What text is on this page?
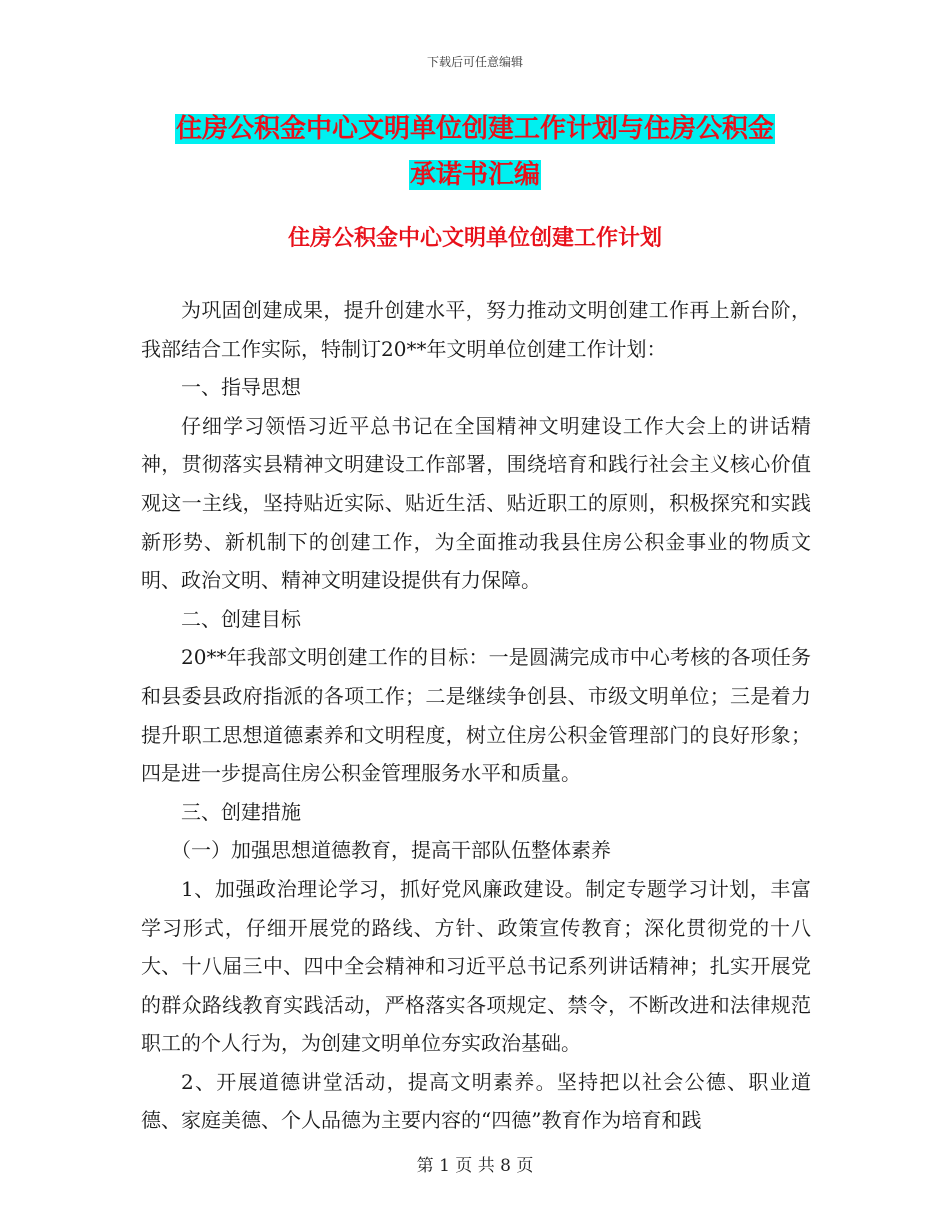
下载后可任意编辑
住房公积金中心文明单位创建工作计划与住房公积金
承诺书汇编
住房公积金中心文明单位创建工作计划

为巩固创建成果，提升创建水平，努力推动文明创建工作再上新台阶，我部结合工作实际，特制订20**年文明单位创建工作计划：

一、指导思想

仔细学习领悟习近平总书记在全国精神文明建设工作大会上的讲话精神，贯彻落实县精神文明建设工作部署，围绕培育和践行社会主义核心价值观这一主线，坚持贴近实际、贴近生活、贴近职工的原则，积极探究和实践新形势、新机制下的创建工作，为全面推动我县住房公积金事业的物质文明、政治文明、精神文明建设提供有力保障。

二、创建目标

20**年我部文明创建工作的目标：一是圆满完成市中心考核的各项任务和县委县政府指派的各项工作；二是继续争创县、市级文明单位；三是着力提升职工思想道德素养和文明程度，树立住房公积金管理部门的良好形象；四是进一步提高住房公积金管理服务水平和质量。

三、创建措施

（一）加强思想道德教育，提高干部队伍整体素养

1、加强政治理论学习，抓好党风廉政建设。制定专题学习计划，丰富学习形式，仔细开展党的路线、方针、政策宣传教育；深化贯彻党的十八大、十八届三中、四中全会精神和习近平总书记系列讲话精神；扎实开展党的群众路线教育实践活动，严格落实各项规定、禁令，不断改进和法律规范职工的个人行为，为创建文明单位夯实政治基础。

2、开展道德讲堂活动，提高文明素养。坚持把以社会公德、职业道德、家庭美德、个人品德为主要内容的“四德”教育作为培育和践

第 1 页 共 8 页
